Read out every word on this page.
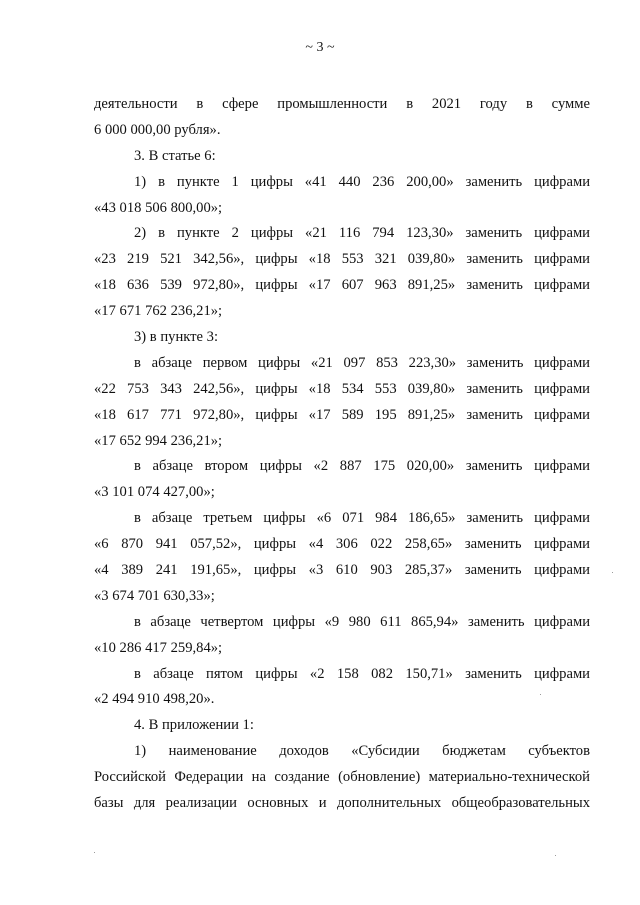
~ 3 ~
деятельности в сфере промышленности в 2021 году в сумме
6 000 000,00 рубля».
3. В статье 6:
1) в пункте 1 цифры «41 440 236 200,00» заменить цифрами
«43 018 506 800,00»;
2) в пункте 2 цифры «21 116 794 123,30» заменить цифрами
«23 219 521 342,56», цифры «18 553 321 039,80» заменить цифрами
«18 636 539 972,80», цифры «17 607 963 891,25» заменить цифрами
«17 671 762 236,21»;
3) в пункте 3:
в абзаце первом цифры «21 097 853 223,30» заменить цифрами
«22 753 343 242,56», цифры «18 534 553 039,80» заменить цифрами
«18 617 771 972,80», цифры «17 589 195 891,25» заменить цифрами
«17 652 994 236,21»;
в абзаце втором цифры «2 887 175 020,00» заменить цифрами
«3 101 074 427,00»;
в абзаце третьем цифры «6 071 984 186,65» заменить цифрами
«6 870 941 057,52», цифры «4 306 022 258,65» заменить цифрами
«4 389 241 191,65», цифры «3 610 903 285,37» заменить цифрами
«3 674 701 630,33»;
в абзаце четвертом цифры «9 980 611 865,94» заменить цифрами
«10 286 417 259,84»;
в абзаце пятом цифры «2 158 082 150,71» заменить цифрами
«2 494 910 498,20».
4. В приложении 1:
1) наименование доходов «Субсидии бюджетам субъектов
Российской Федерации на создание (обновление) материально-технической
базы для реализации основных и дополнительных общеобразовательных
